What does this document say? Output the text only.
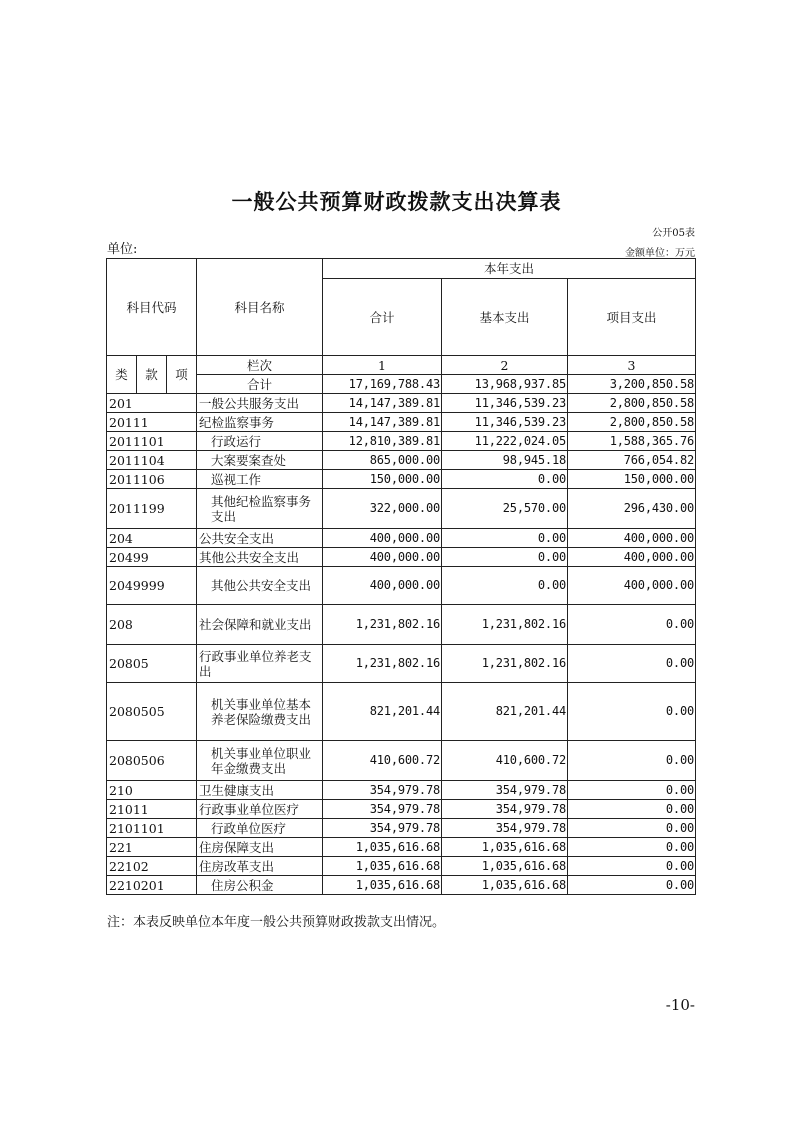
一般公共预算财政拨款支出决算表
公开05表
单位:	金额单位：万元
科目代码			科目名称	本年支出		
				合计	基本支出	项目支出

类	款	项	栏次	1	2	3
			合计	17,169,788.43	13,968,937.85	3,200,850.58
201			一般公共服务支出	14,147,389.81	11,346,539.23	2,800,850.58
20111			纪检监察事务	14,147,389.81	11,346,539.23	2,800,850.58
2011101			行政运行	12,810,389.81	11,222,024.05	1,588,365.76
2011104			大案要案查处	865,000.00	98,945.18	766,054.82
2011106			巡视工作	150,000.00	0.00	150,000.00
2011199			其他纪检监察事务支出	322,000.00	25,570.00	296,430.00
204			公共安全支出	400,000.00	0.00	400,000.00
20499			其他公共安全支出	400,000.00	0.00	400,000.00
2049999			其他公共安全支出	400,000.00	0.00	400,000.00
208			社会保障和就业支出	1,231,802.16	1,231,802.16	0.00
20805			行政事业单位养老支出	1,231,802.16	1,231,802.16	0.00
2080505			机关事业单位基本养老保险缴费支出	821,201.44	821,201.44	0.00
2080506			机关事业单位职业年金缴费支出	410,600.72	410,600.72	0.00
210			卫生健康支出	354,979.78	354,979.78	0.00
21011			行政事业单位医疗	354,979.78	354,979.78	0.00
2101101			行政单位医疗	354,979.78	354,979.78	0.00
221			住房保障支出	1,035,616.68	1,035,616.68	0.00
22102			住房改革支出	1,035,616.68	1,035,616.68	0.00
2210201			住房公积金	1,035,616.68	1,035,616.68	0.00
注：本表反映单位本年度一般公共预算财政拨款支出情况。
-10-
